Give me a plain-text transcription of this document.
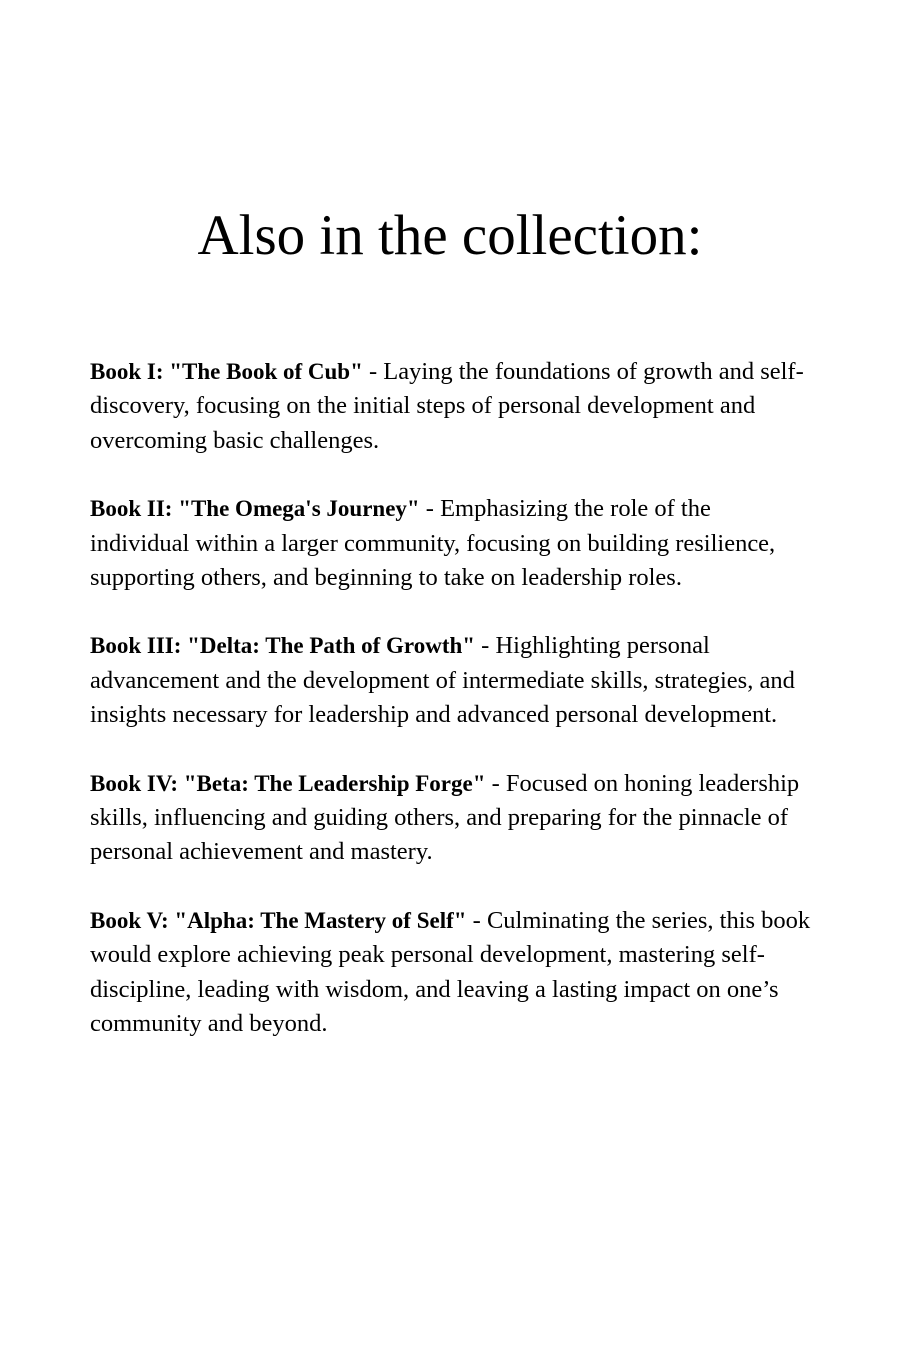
Also in the collection:

Book I: "The Book of Cub" - Laying the foundations of growth and self-discovery, focusing on the initial steps of personal development and overcoming basic challenges.

Book II: "The Omega's Journey" - Emphasizing the role of the individual within a larger community, focusing on building resilience, supporting others, and beginning to take on leadership roles.

Book III: "Delta: The Path of Growth" - Highlighting personal advancement and the development of intermediate skills, strategies, and insights necessary for leadership and advanced personal development.

Book IV: "Beta: The Leadership Forge" - Focused on honing leadership skills, influencing and guiding others, and preparing for the pinnacle of personal achievement and mastery.

Book V: "Alpha: The Mastery of Self" - Culminating the series, this book would explore achieving peak personal development, mastering self-discipline, leading with wisdom, and leaving a lasting impact on one’s community and beyond.
